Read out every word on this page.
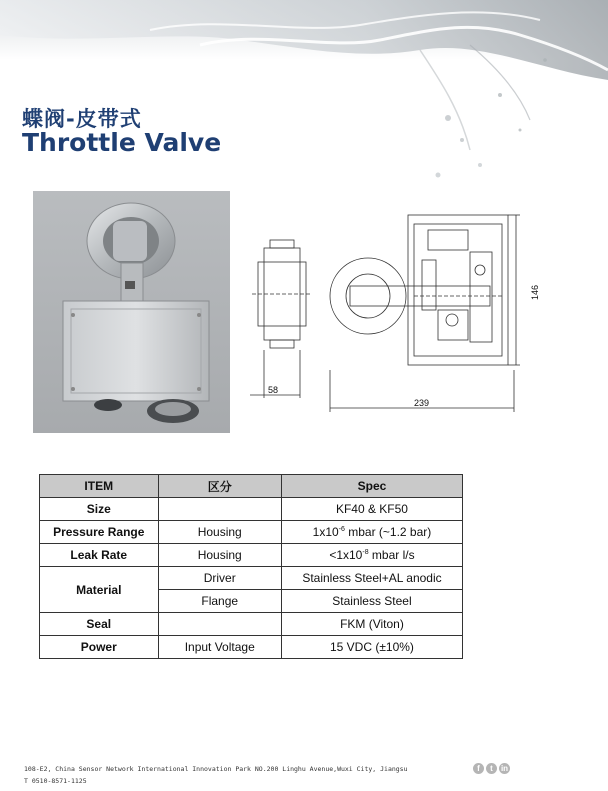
蝶阀-皮带式
Throttle Valve
58
146
239
ITEM	区分	Spec
Size		KF40 & KF50
Pressure Range	Housing	$1x10^{-6}$ mbar (~1.2 bar)
Leak Rate	Housing	$<1x10^{-8}$ mbar l/s
Material	Driver	Stainless Steel+AL anodic
	Flange	Stainless Steel
Seal		FKM (Viton)
Power	Input Voltage	15 VDC (±10%)
108-E2, China Sensor Network International Innovation Park NO.200 Linghu Avenue,Wuxi City, Jiangsu
T 0510-8571-1125
f	t	in
